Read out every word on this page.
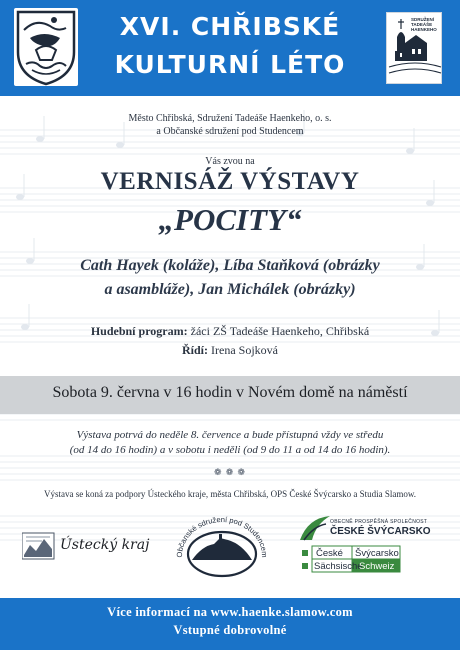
XVI. CHŘIBSKÉ
KULTURNÍ LÉTO
SDRUŽENÍ
TADEÁŠE
HAENKEHO
Město Chřibská, Sdružení Tadeáše Haenkeho, o. s.
a Občanské sdružení pod Studencem
Vás zvou na
VERNISÁŽ VÝSTAVY
„POCITY“
Cath Hayek (koláže), Líba Staňková (obrázky
a asambláže), Jan Michálek (obrázky)
Hudební program: žáci ZŠ Tadeáše Haenkeho, Chřibská
Řídí: Irena Sojková
Sobota 9. června v 16 hodin v Novém domě na náměstí
Výstava potrvá do neděle 8. července a bude přístupná vždy ve středu
(od 14 do 16 hodin) a v sobotu i neděli (od 9 do 11 a od 14 do 16 hodin).
❁ ❁ ❁
Výstava se koná za podpory Ústeckého kraje, města Chřibská, OPS České Švýcarsko a Studia Slamow.
Ústecký kraj
Občanské sdružení pod Studencem
OBECNĚ PROSPĚŠNÁ SPOLEČNOST
ČESKÉ ŠVÝCARSKO
České Švýcarsko
Sächsische
Schweiz
Více informací na www.haenke.slamow.com
Vstupné dobrovolné
